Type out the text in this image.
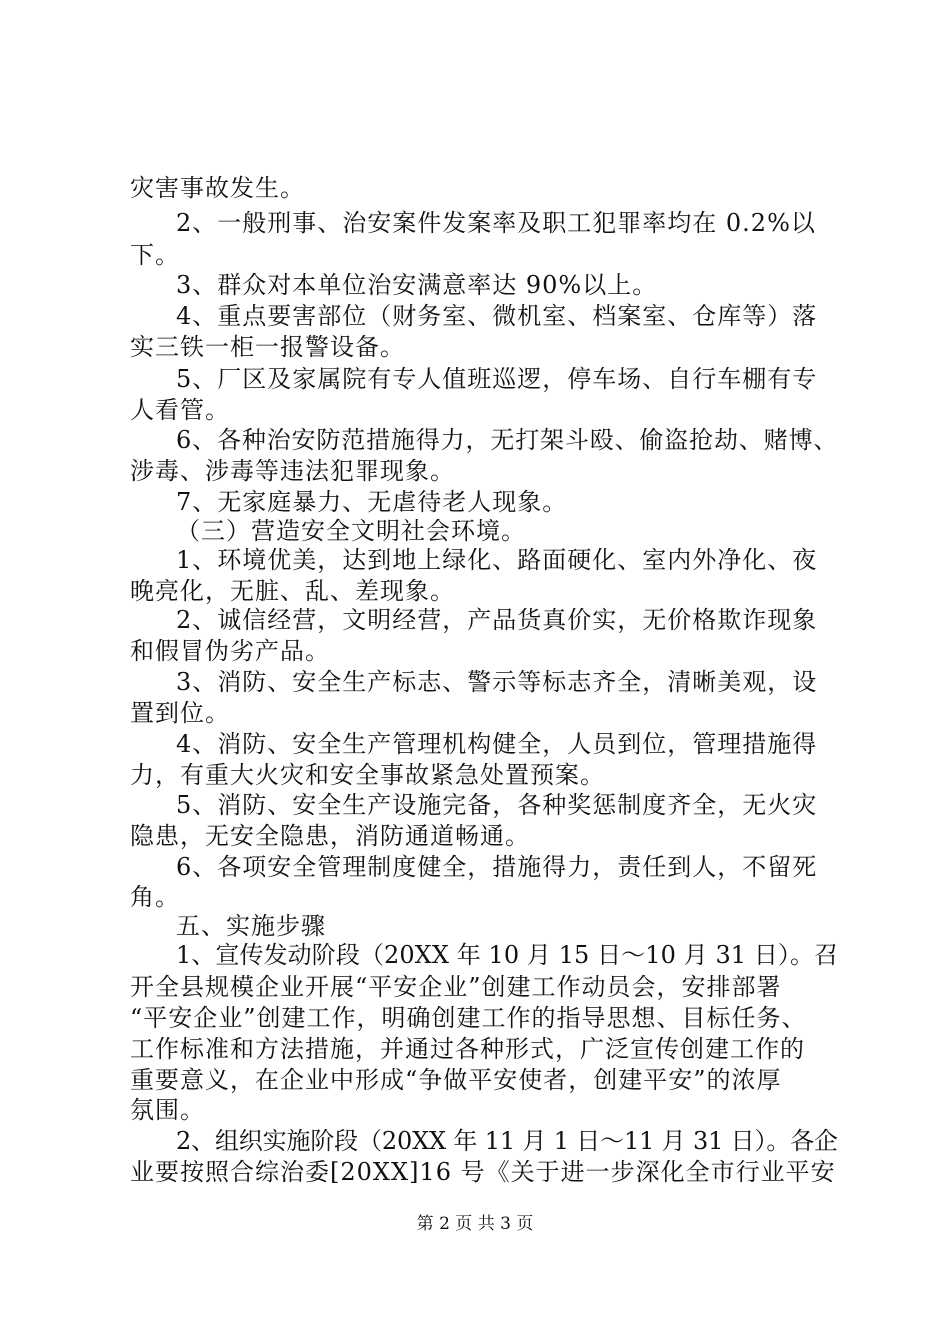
灾害事故发生。
2、一般刑事、治安案件发案率及职工犯罪率均在 0.2%以
下。
3、群众对本单位治安满意率达 90%以上。
4、重点要害部位（财务室、微机室、档案室、仓库等）落
实三铁一柜一报警设备。
5、厂区及家属院有专人值班巡逻，停车场、自行车棚有专
人看管。
6、各种治安防范措施得力，无打架斗殴、偷盗抢劫、赌博、
涉毒、涉毒等违法犯罪现象。
7、无家庭暴力、无虐待老人现象。
（三）营造安全文明社会环境。
1、环境优美，达到地上绿化、路面硬化、室内外净化、夜
晚亮化，无脏、乱、差现象。
2、诚信经营，文明经营，产品货真价实，无价格欺诈现象
和假冒伪劣产品。
3、消防、安全生产标志、警示等标志齐全，清晰美观，设
置到位。
4、消防、安全生产管理机构健全，人员到位，管理措施得
力，有重大火灾和安全事故紧急处置预案。
5、消防、安全生产设施完备，各种奖惩制度齐全，无火灾
隐患，无安全隐患，消防通道畅通。
6、各项安全管理制度健全，措施得力，责任到人，不留死
角。
五、实施步骤
1、宣传发动阶段（20XX 年 10 月 15 日～10 月 31 日）。召
开全县规模企业开展“平安企业”创建工作动员会，安排部署
“平安企业”创建工作，明确创建工作的指导思想、目标任务、
工作标准和方法措施，并通过各种形式，广泛宣传创建工作的
重要意义，在企业中形成“争做平安使者，创建平安”的浓厚
氛围。
2、组织实施阶段（20XX 年 11 月 1 日～11 月 31 日）。各企
业要按照合综治委[20XX]16 号《关于进一步深化全市行业平安
第 2 页 共 3 页
